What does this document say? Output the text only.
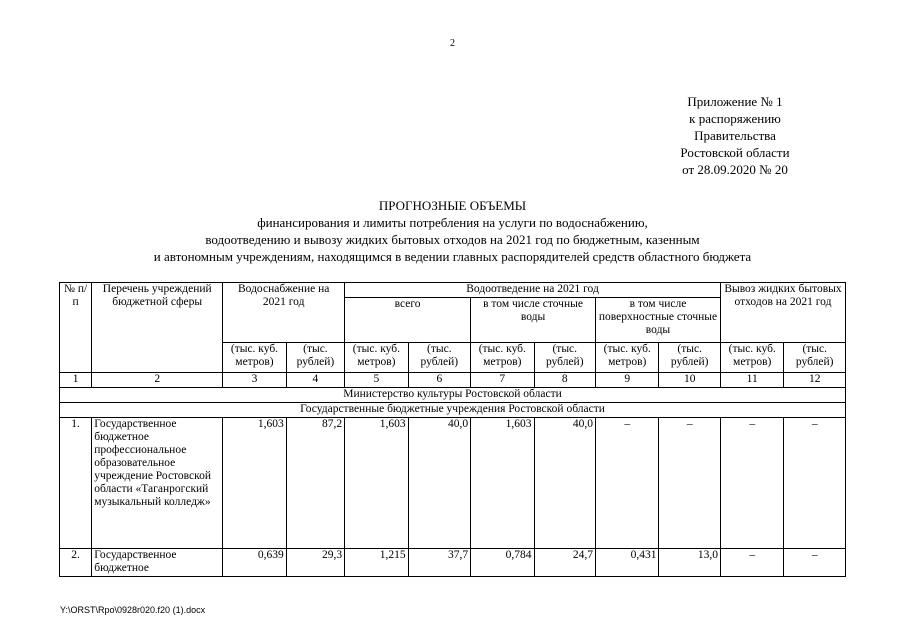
2
Приложение № 1
к распоряжению
Правительства
Ростовской области
от 28.09.2020 № 20
ПРОГНОЗНЫЕ ОБЪЕМЫ
финансирования и лимиты потребления на услуги по водоснабжению,
водоотведению и вывозу жидких бытовых отходов на 2021 год по бюджетным, казенным
и автономным учреждениям, находящимся в ведении главных распорядителей средств областного бюджета
№ п/п	Перечень учреждений бюджетной сферы	Водоснабжение на 2021 год		Водоотведение на 2021 год						Вывоз жидких бытовых отходов на 2021 год	
				всего		в том числе сточные воды		в том числе поверхностные сточные воды			
		(тыс. куб. метров)	(тыс. рублей)	(тыс. куб. метров)	(тыс. рублей)	(тыс. куб. метров)	(тыс. рублей)	(тыс. куб. метров)	(тыс. рублей)	(тыс. куб. метров)	(тыс. рублей)
1	2	3	4	5	6	7	8	9	10	11	12
Министерство культуры Ростовской области											
Государственные бюджетные учреждения Ростовской области											
1.	Государственное бюджетное профессиональное образовательное учреждение Ростовской области «Таганрогский музыкальный колледж»	1,603	87,2	1,603	40,0	1,603	40,0	–	–	–	–
2.	Государственное бюджетное	0,639	29,3	1,215	37,7	0,784	24,7	0,431	13,0	–	–
Y:\ORST\Rpo\0928r020.f20 (1).docx
